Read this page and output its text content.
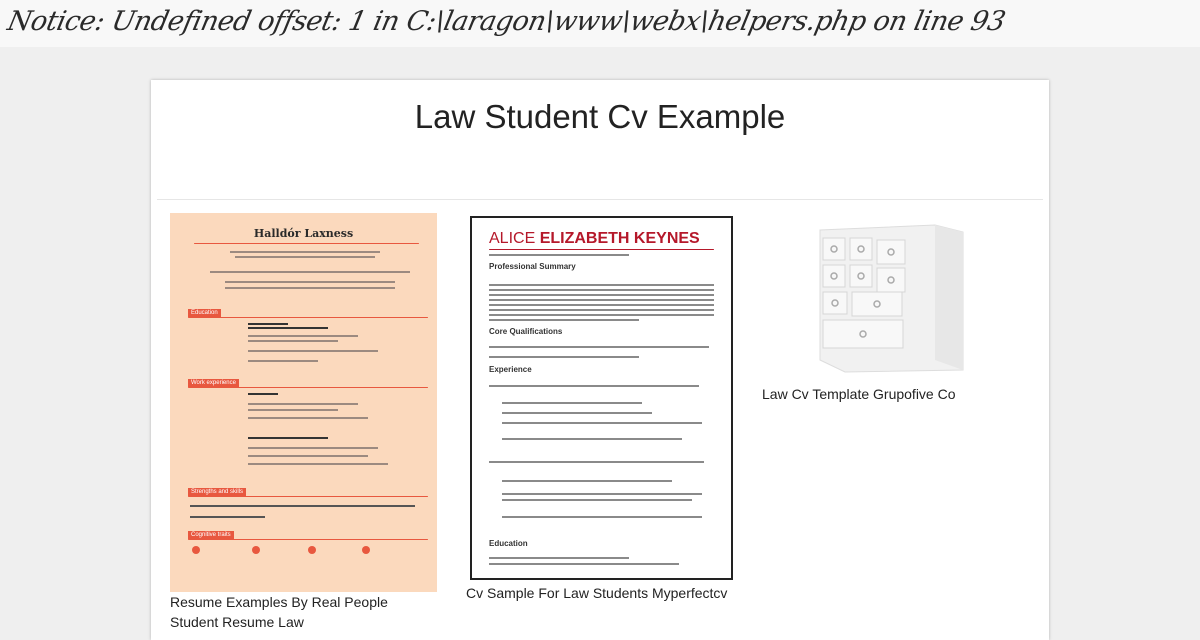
Notice: Undefined offset: 1 in C:\laragon\www\webx\helpers.php on line 93
Law Student Cv Example
Halldór Laxness
Education
Work experience
Strengths and skills
Cognitive traits
Resume Examples By Real People Student Resume Law
ALICE ELIZABETH KEYNES
Professional Summary
Core Qualifications
Experience
Education
Cv Sample For Law Students Myperfectcv
Law Cv Template Grupofive Co
